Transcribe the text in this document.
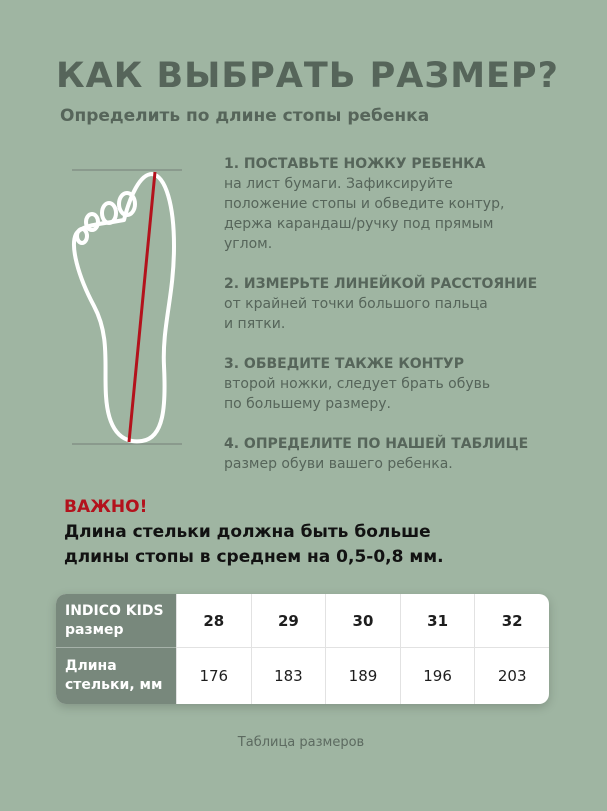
КАК ВЫБРАТЬ РАЗМЕР?
Определить по длине стопы ребенка
1. ПОСТАВЬТЕ НОЖКУ РЕБЕНКА
на лист бумаги. Зафиксируйте
положение стопы и обведите контур,
держа карандаш/ручку под прямым
углом.
2. ИЗМЕРЬТЕ ЛИНЕЙКОЙ РАССТОЯНИЕ
от крайней точки большого пальца
и пятки.
3. ОБВЕДИТЕ ТАКЖЕ КОНТУР
второй ножки, следует брать обувь
по большему размеру.
4. ОПРЕДЕЛИТЕ ПО НАШЕЙ ТАБЛИЦЕ
размер обуви вашего ребенка.
ВАЖНО!
Длина стельки должна быть больше
длины стопы в среднем на 0,5-0,8 мм.
INDICO KIDS
размер	28	29	30	31	32
Длина
стельки, мм	176	183	189	196	203
Таблица размеров
